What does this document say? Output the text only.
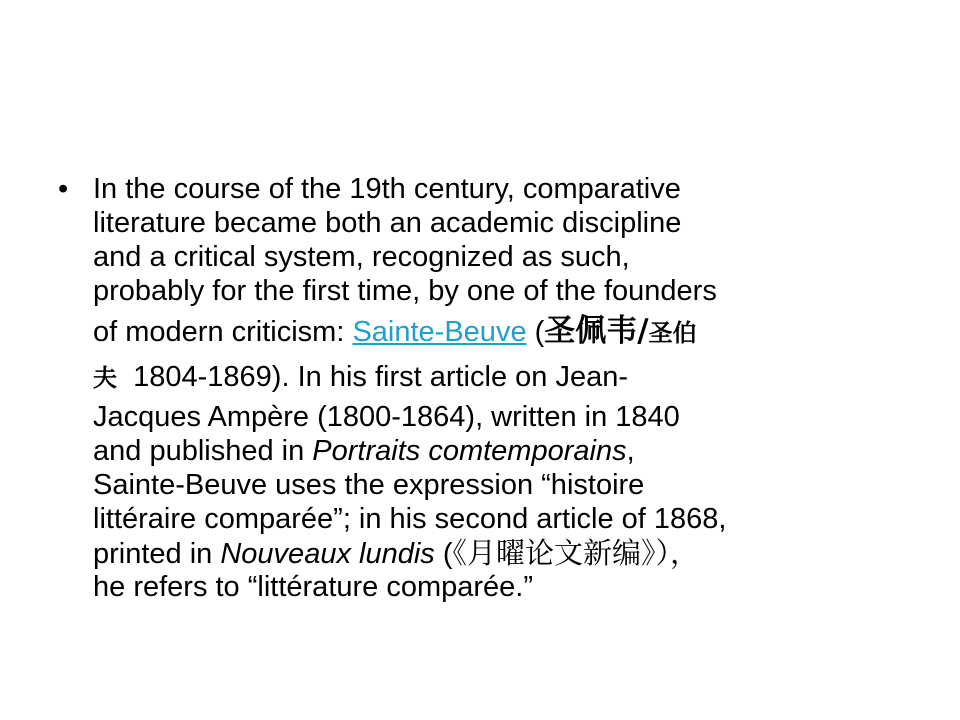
• In the course of the 19th century, comparative
literature became both an academic discipline
and a critical system, recognized as such,
probably for the first time, by one of the founders
of modern criticism: Sainte-Beuve (圣佩韦/圣伯
夫  1804-1869). In his first article on Jean-
Jacques Ampère (1800-1864), written in 1840
and published in Portraits comtemporains,
Sainte-Beuve uses the expression “histoire
littéraire comparée”; in his second article of 1868,
printed in Nouveaux lundis (《月曜论文新编》），
he refers to “littérature comparée.”
